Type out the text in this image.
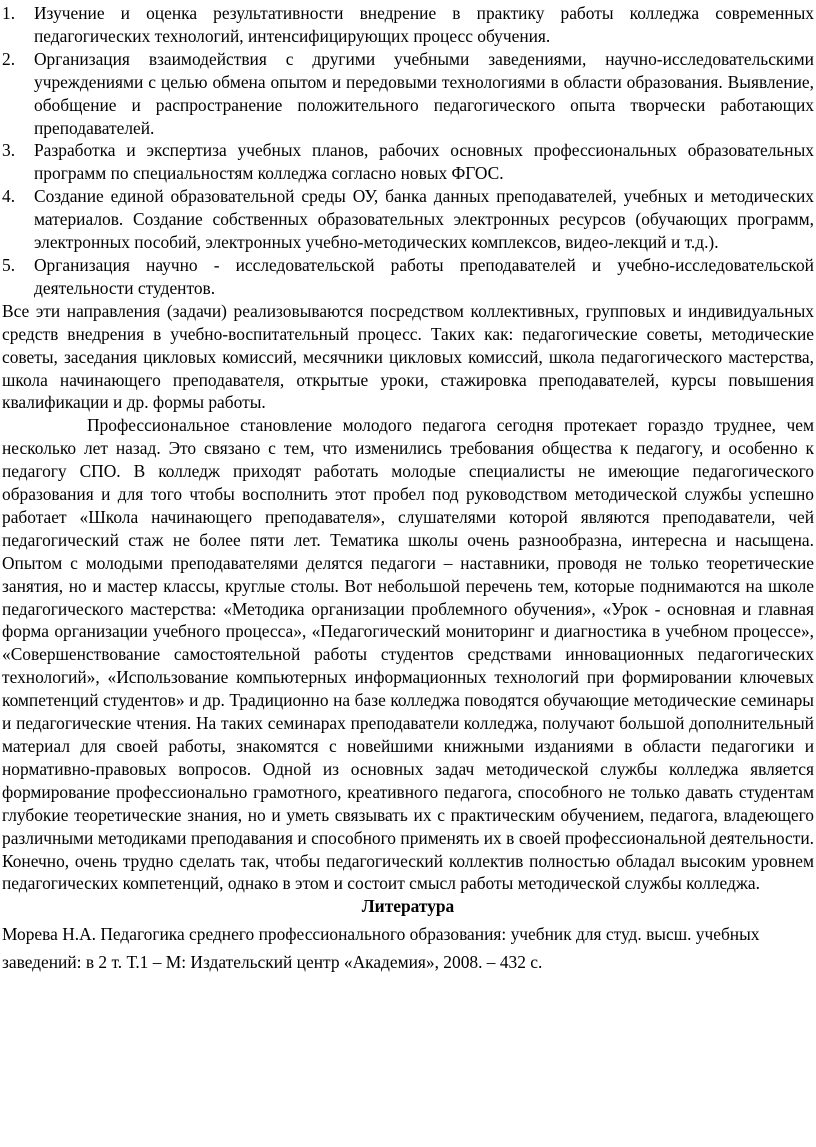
1.	Изучение и оценка результативности внедрение в практику работы колледжа современных педагогических технологий, интенсифицирующих процесс обучения.
2.	Организация взаимодействия с другими учебными заведениями, научно-исследовательскими учреждениями с целью обмена опытом и передовыми технологиями в области образования. Выявление, обобщение и распространение положительного педагогического опыта творчески работающих преподавателей.
3.	Разработка и экспертиза учебных планов, рабочих основных профессиональных образовательных программ по специальностям колледжа согласно новых ФГОС.
4.	Создание единой образовательной среды ОУ, банка данных преподавателей, учебных и методических материалов. Создание собственных образовательных электронных ресурсов (обучающих программ, электронных пособий, электронных учебно-методических комплексов, видео-лекций и т.д.).
5.	Организация научно - исследовательской работы преподавателей и учебно-исследовательской деятельности студентов.

Все эти направления (задачи) реализовываются посредством коллективных, групповых и индивидуальных средств внедрения в учебно-воспитательный процесс. Таких как: педагогические советы, методические советы, заседания цикловых комиссий, месячники цикловых комиссий, школа педагогического мастерства, школа начинающего преподавателя, открытые уроки, стажировка преподавателей, курсы повышения квалификации и др. формы работы.

Профессиональное становление молодого педагога сегодня протекает гораздо труднее, чем несколько лет назад. Это связано с тем, что изменились требования общества к педагогу, и особенно к педагогу СПО. В колледж приходят работать молодые специалисты не имеющие педагогического образования и для того чтобы восполнить этот пробел под руководством методической службы успешно работает «Школа начинающего преподавателя», слушателями которой являются преподаватели, чей педагогический стаж не более пяти лет. Тематика школы очень разнообразна, интересна и насыщена. Опытом с молодыми преподавателями делятся педагоги – наставники, проводя не только теоретические занятия, но и мастер классы, круглые столы. Вот небольшой перечень тем, которые поднимаются на школе педагогического мастерства: «Методика организации проблемного обучения», «Урок - основная и главная форма организации учебного процесса», «Педагогический мониторинг и диагностика в учебном процессе», «Совершенствование самостоятельной работы студентов средствами инновационных педагогических технологий», «Использование компьютерных информационных технологий при формировании ключевых компетенций студентов» и др. Традиционно на базе колледжа поводятся обучающие методические семинары и педагогические чтения. На таких семинарах преподаватели колледжа, получают большой дополнительный материал для своей работы, знакомятся с новейшими книжными изданиями в области педагогики и нормативно-правовых вопросов. Одной из основных задач методической службы колледжа является формирование профессионально грамотного, креативного педагога, способного не только давать студентам глубокие теоретические знания, но и уметь связывать их с практическим обучением, педагога, владеющего различными методиками преподавания и способного применять их в своей профессиональной деятельности. Конечно, очень трудно сделать так, чтобы педагогический коллектив полностью обладал высоким уровнем педагогических компетенций, однако в этом и состоит смысл работы методической службы колледжа.

Литература

Морева Н.А. Педагогика среднего профессионального образования: учебник для студ. высш. учебных заведений: в 2 т. Т.1 – М: Издательский центр «Академия», 2008. – 432 с.
